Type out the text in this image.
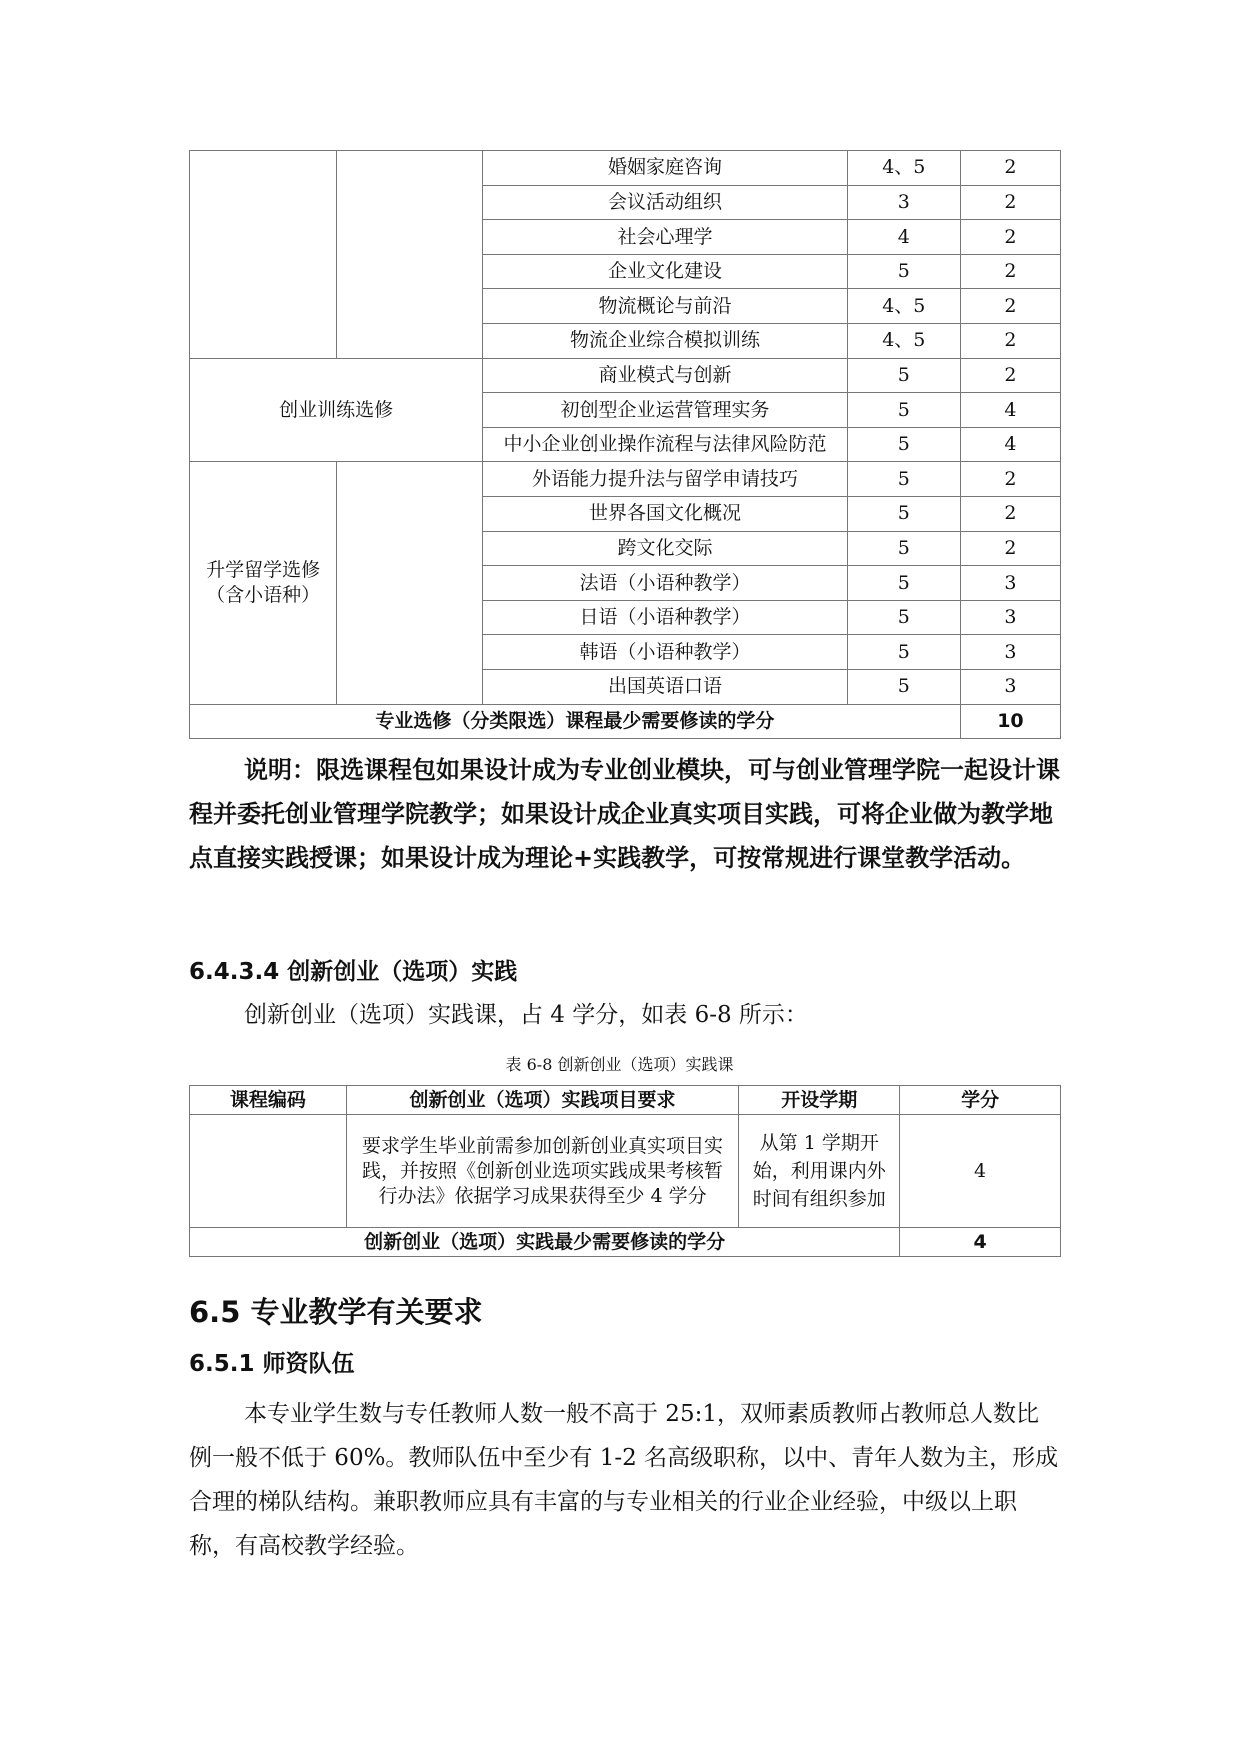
		婚姻家庭咨询	4、5	2
		会议活动组织	3	2
		社会心理学	4	2
		企业文化建设	5	2
		物流概论与前沿	4、5	2
		物流企业综合模拟训练	4、5	2
创业训练选修		商业模式与创新	5	2
		初创型企业运营管理实务	5	4
		中小企业创业操作流程与法律风险防范	5	4

升学留学选修
（含小语种）		外语能力提升法与留学申请技巧	5	2
		世界各国文化概况	5	2
		跨文化交际	5	2
		法语（小语种教学）	5	3
		日语（小语种教学）	5	3
		韩语（小语种教学）	5	3
		出国英语口语	5	3
专业选修（分类限选）课程最少需要修读的学分				10

说明：限选课程包如果设计成为专业创业模块，可与创业管理学院一起设计课程并委托创业管理学院教学；如果设计成企业真实项目实践，可将企业做为教学地点直接实践授课；如果设计成为理论+实践教学，可按常规进行课堂教学活动。

6.4.3.4 创新创业（选项）实践

创新创业（选项）实践课，占 4 学分，如表 6-8 所示：

表 6-8 创新创业（选项）实践课

课程编码	创新创业（选项）实践项目要求	开设学期	学分
	要求学生毕业前需参加创新创业真实项目实践，并按照《创新创业选项实践成果考核暂行办法》依据学习成果获得至少 4 学分	从第 1 学期开始，利用课内外时间有组织参加	4
创新创业（选项）实践最少需要修读的学分			4
6.5 专业教学有关要求
6.5.1 师资队伍

本专业学生数与专任教师人数一般不高于 25:1，双师素质教师占教师总人数比例一般不低于 60%。教师队伍中至少有 1-2 名高级职称，以中、青年人数为主，形成合理的梯队结构。兼职教师应具有丰富的与专业相关的行业企业经验，中级以上职称，有高校教学经验。
